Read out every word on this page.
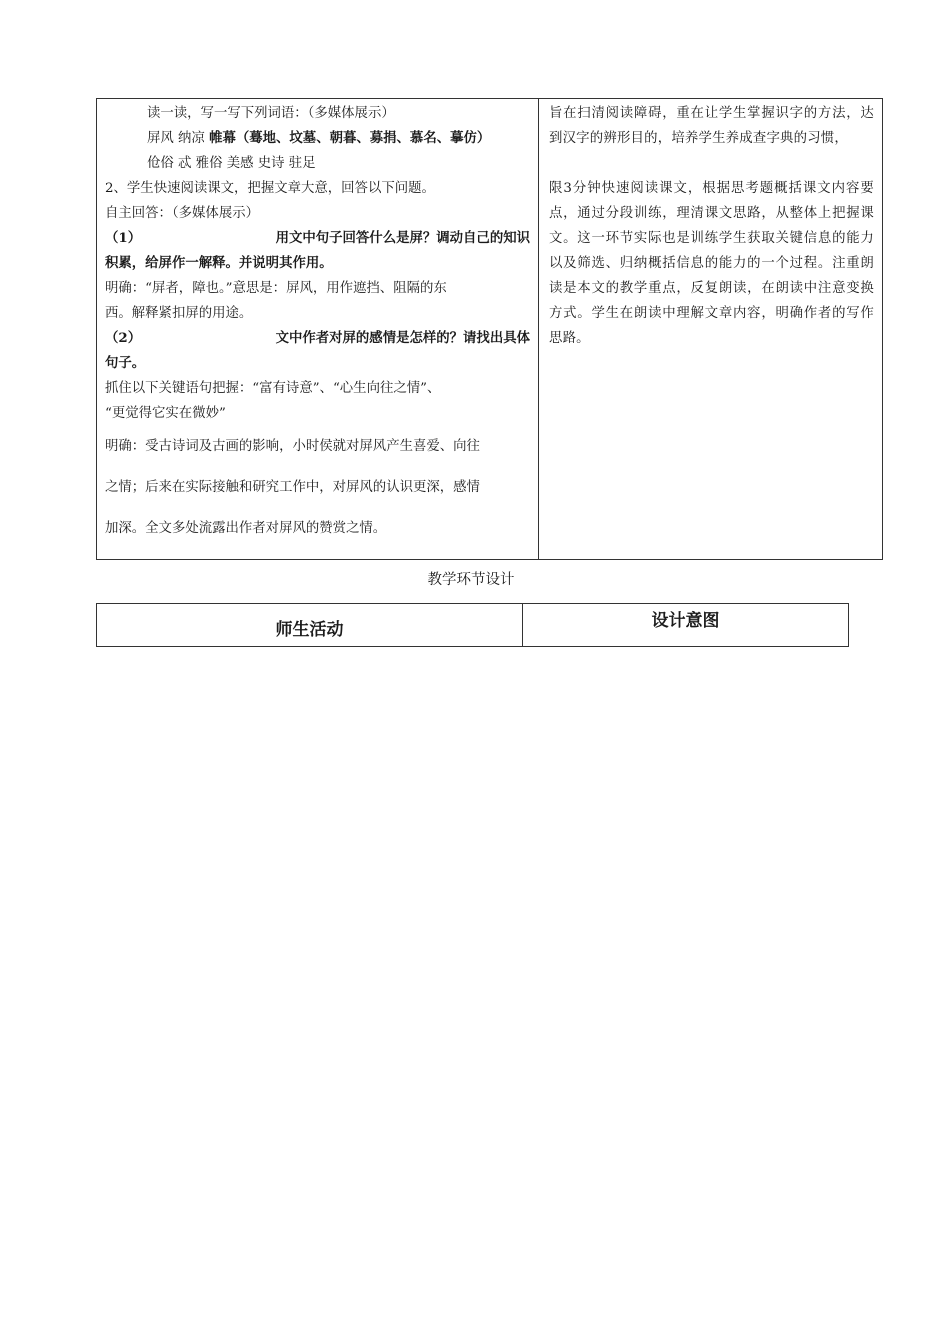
读一读，写一写下列词语：（多媒体展示）
屏风 纳凉 帷幕（蓦地、坟墓、朝暮、募捐、慕名、摹仿）
伧俗 忒 雅俗 美感 史诗 驻足
2、学生快速阅读课文，把握文章大意，回答以下问题。
自主回答：（多媒体展示）
（1）	用文中句子回答什么是屏？调动自己的知识
积累，给屏作一解释。并说明其作用。
明确：“屏者，障也。”意思是：屏风，用作遮挡、阻隔的东
西。解释紧扣屏的用途。
（2）	文中作者对屏的感情是怎样的？请找出具体
句子。
抓住以下关键语句把握：“富有诗意”、“心生向往之情”、
“更觉得它实在微妙”
明确：受古诗词及古画的影响，小时侯就对屏风产生喜爱、向往
之情；后来在实际接触和研究工作中，对屏风的认识更深，感情
加深。全文多处流露出作者对屏风的赞赏之情。

旨在扫清阅读障碍，重在让学生掌握识字的方法，达到汉字的辨形目的，培养学生养成查字典的习惯，
限3分钟快速阅读课文，根据思考题概括课文内容要点，通过分段训练，理清课文思路，从整体上把握课文。这一环节实际也是训练学生获取关键信息的能力以及筛选、归纳概括信息的能力的一个过程。注重朗读是本文的教学重点，反复朗读，在朗读中注意变换方式。学生在朗读中理解文章内容，明确作者的写作思路。
教学环节设计
师生活动	设计意图
